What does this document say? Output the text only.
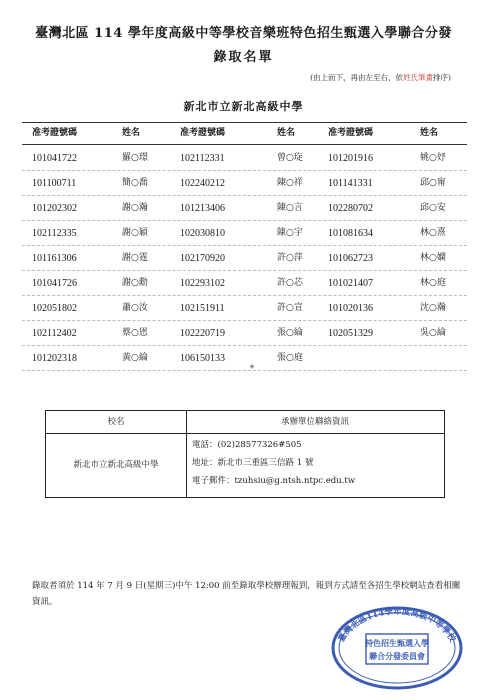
臺灣北區 114 學年度高級中等學校音樂班特色招生甄選入學聯合分發
錄取名單
(由上而下，再由左至右，依姓氏筆畫排序)
新北市立新北高級中學
准考證號碼	姓名	准考證號碼	姓名	准考證號碼	姓名
101041722	羅○璟	102112331	曾○琁	101201916	姚○妤
101100711	簡○喬	102240212	陳○祥	101141331	邱○甯
101202302	謝○瀚	101213406	陳○言	102280702	邱○安
102112335	謝○穎	102030810	陳○宇	101081634	林○熹
101161306	謝○霆	102170920	許○萍	101062723	林○嫻
101041726	謝○勳	102293102	許○芯	101021407	林○庭
102051802	蕭○汝	102151911	許○宣	101020136	沈○瀚
102112402	蔡○恩	102220719	張○綸	102051329	吳○綸
101202318	黃○綸	106150133	張○庭
*
校名	承辦單位聯絡資訊
新北市立新北高級中學
電話：(02)28577326#505
地址：新北市三重區三信路 1 號
電子郵件：tzuhsiu@g.ntsh.ntpc.edu.tw
錄取者須於 114 年 7 月 9 日(星期三)中午 12:00 前至錄取學校辦理報到，報到方式請至各招生學校網站查看相關資訊。
臺灣北區114學年度高級中等學校
特色招生甄選入學
聯合分發委員會
